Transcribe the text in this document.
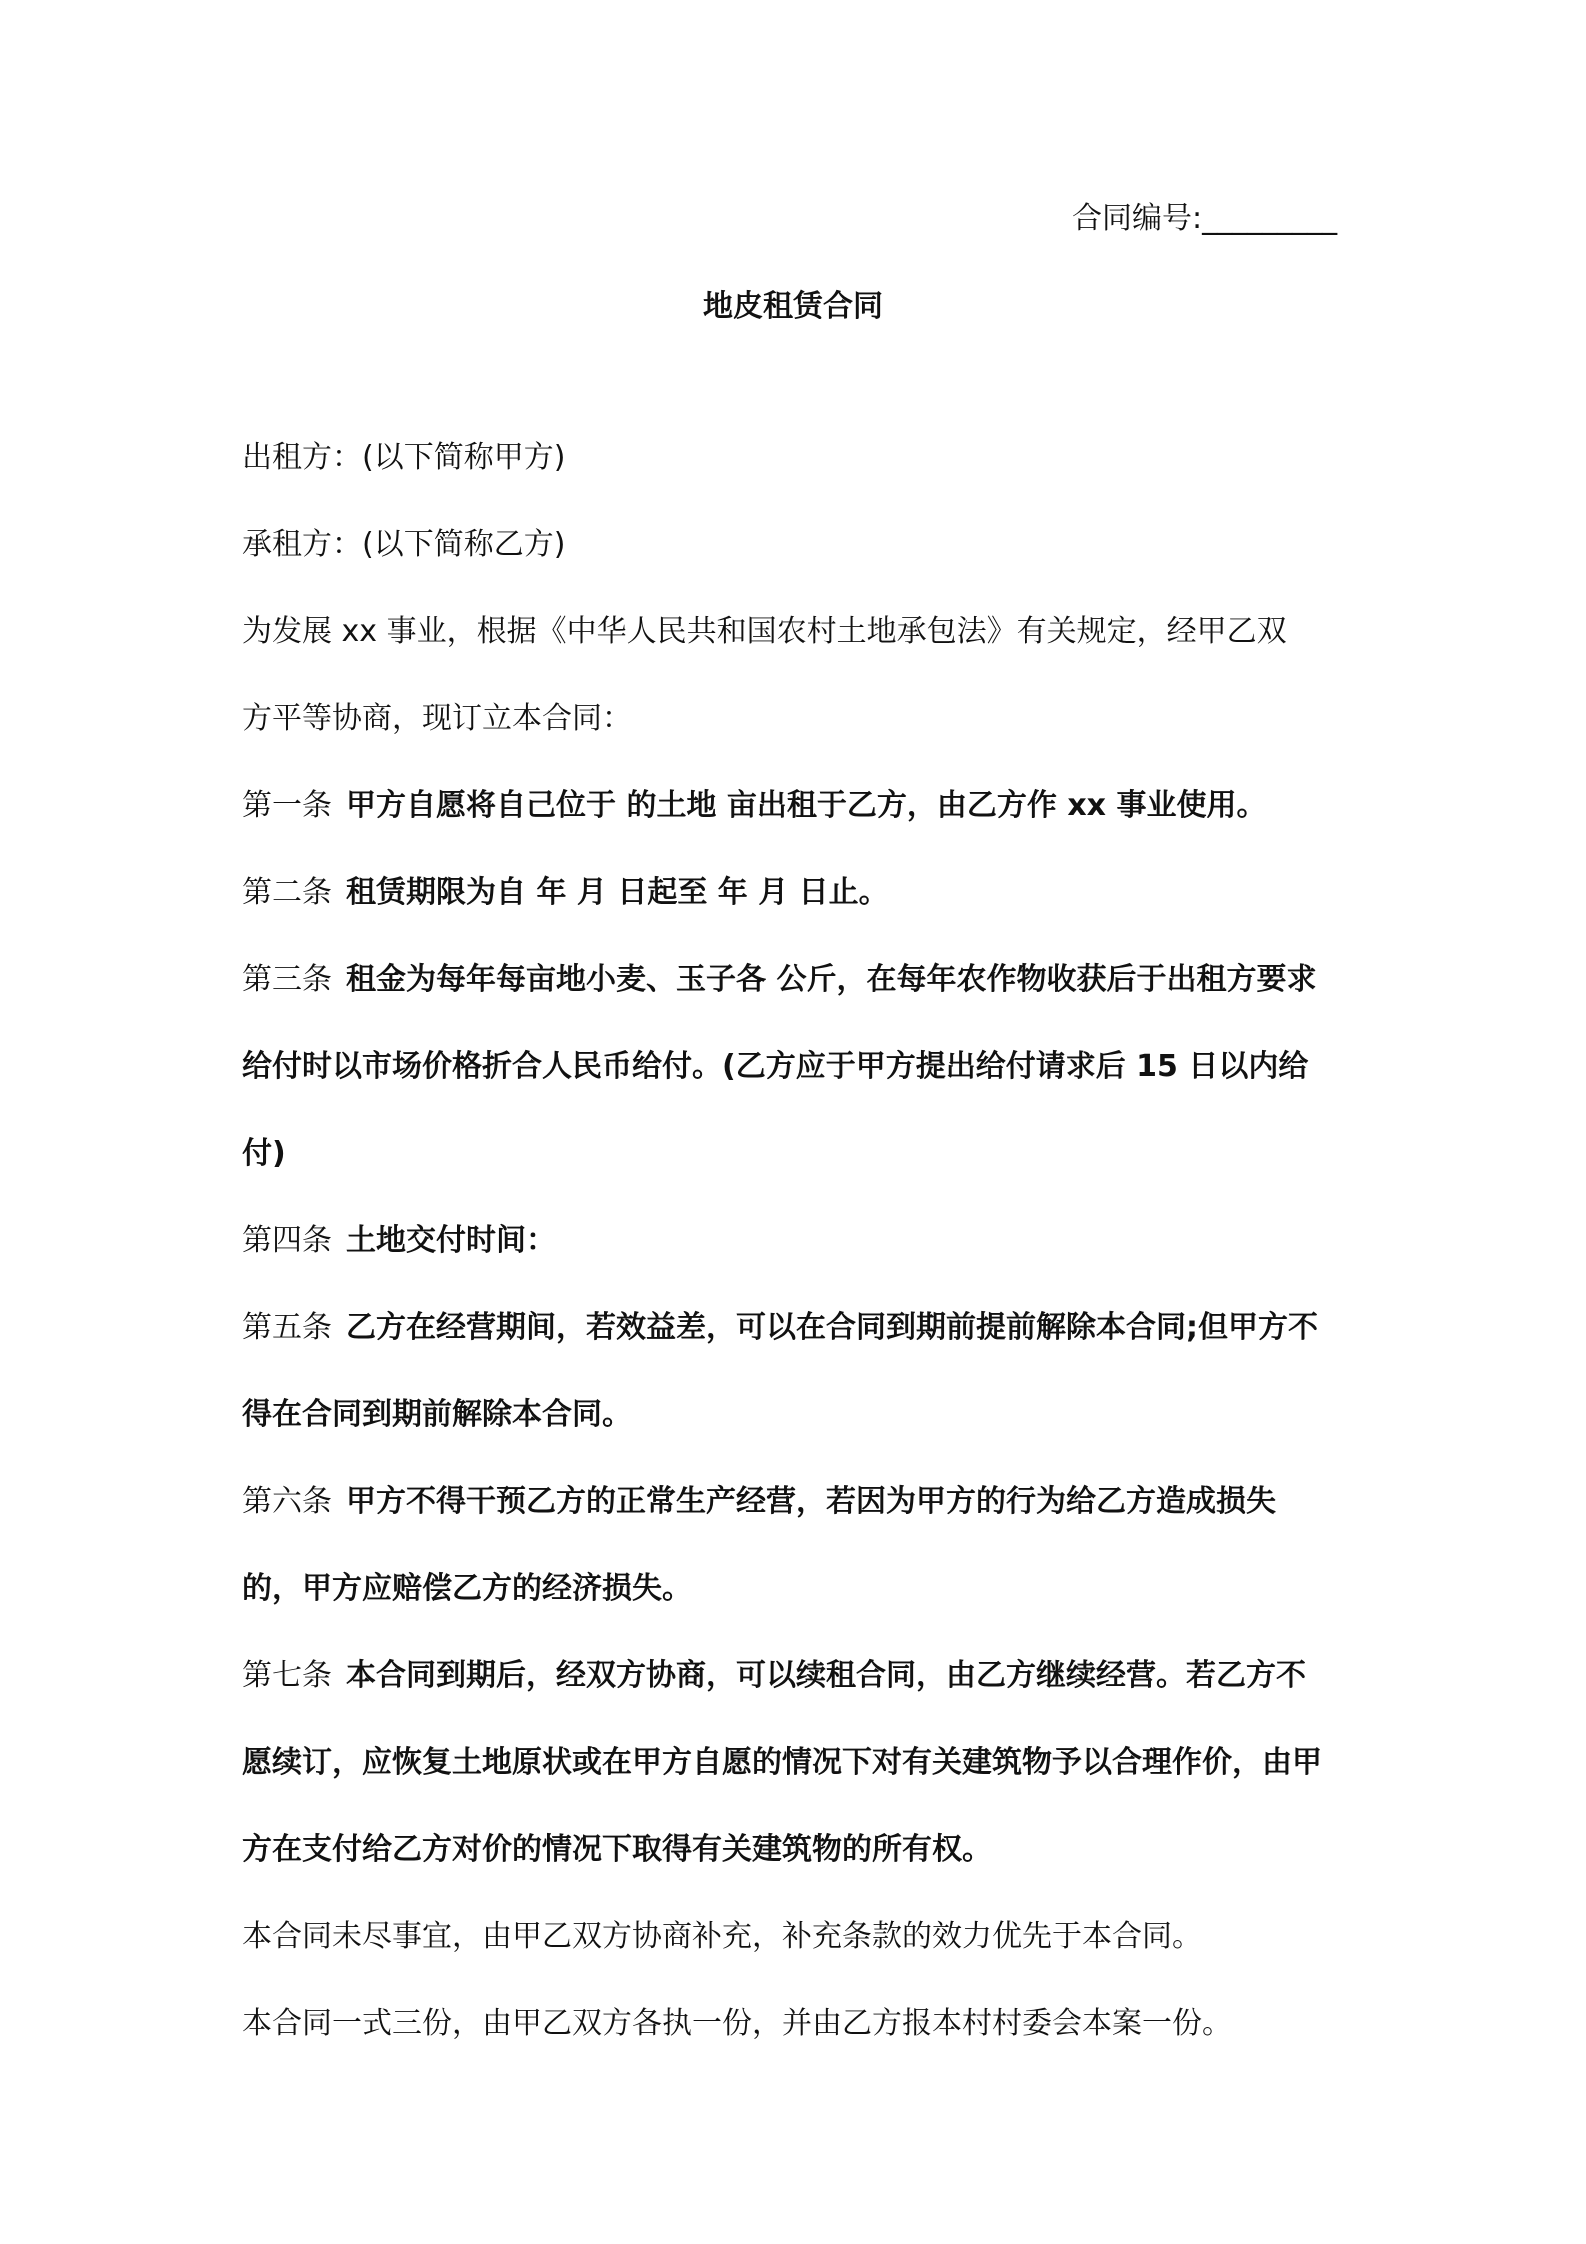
合同编号:_________
地皮租赁合同
出租方：(以下简称甲方)
承租方：(以下简称乙方)
为发展 xx 事业，根据《中华人民共和国农村土地承包法》有关规定，经甲乙双
方平等协商，现订立本合同：
第一条 甲方自愿将自己位于 的土地 亩出租于乙方，由乙方作 xx 事业使用。
第二条 租赁期限为自 年 月 日起至 年 月 日止。
第三条 租金为每年每亩地小麦、玉子各 公斤，在每年农作物收获后于出租方要求
给付时以市场价格折合人民币给付。(乙方应于甲方提出给付请求后 15 日以内给
付)
第四条 土地交付时间：
第五条 乙方在经营期间，若效益差，可以在合同到期前提前解除本合同;但甲方不
得在合同到期前解除本合同。
第六条 甲方不得干预乙方的正常生产经营，若因为甲方的行为给乙方造成损失
的，甲方应赔偿乙方的经济损失。
第七条 本合同到期后，经双方协商，可以续租合同，由乙方继续经营。若乙方不
愿续订，应恢复土地原状或在甲方自愿的情况下对有关建筑物予以合理作价，由甲
方在支付给乙方对价的情况下取得有关建筑物的所有权。
本合同未尽事宜，由甲乙双方协商补充，补充条款的效力优先于本合同。
本合同一式三份，由甲乙双方各执一份，并由乙方报本村村委会本案一份。
